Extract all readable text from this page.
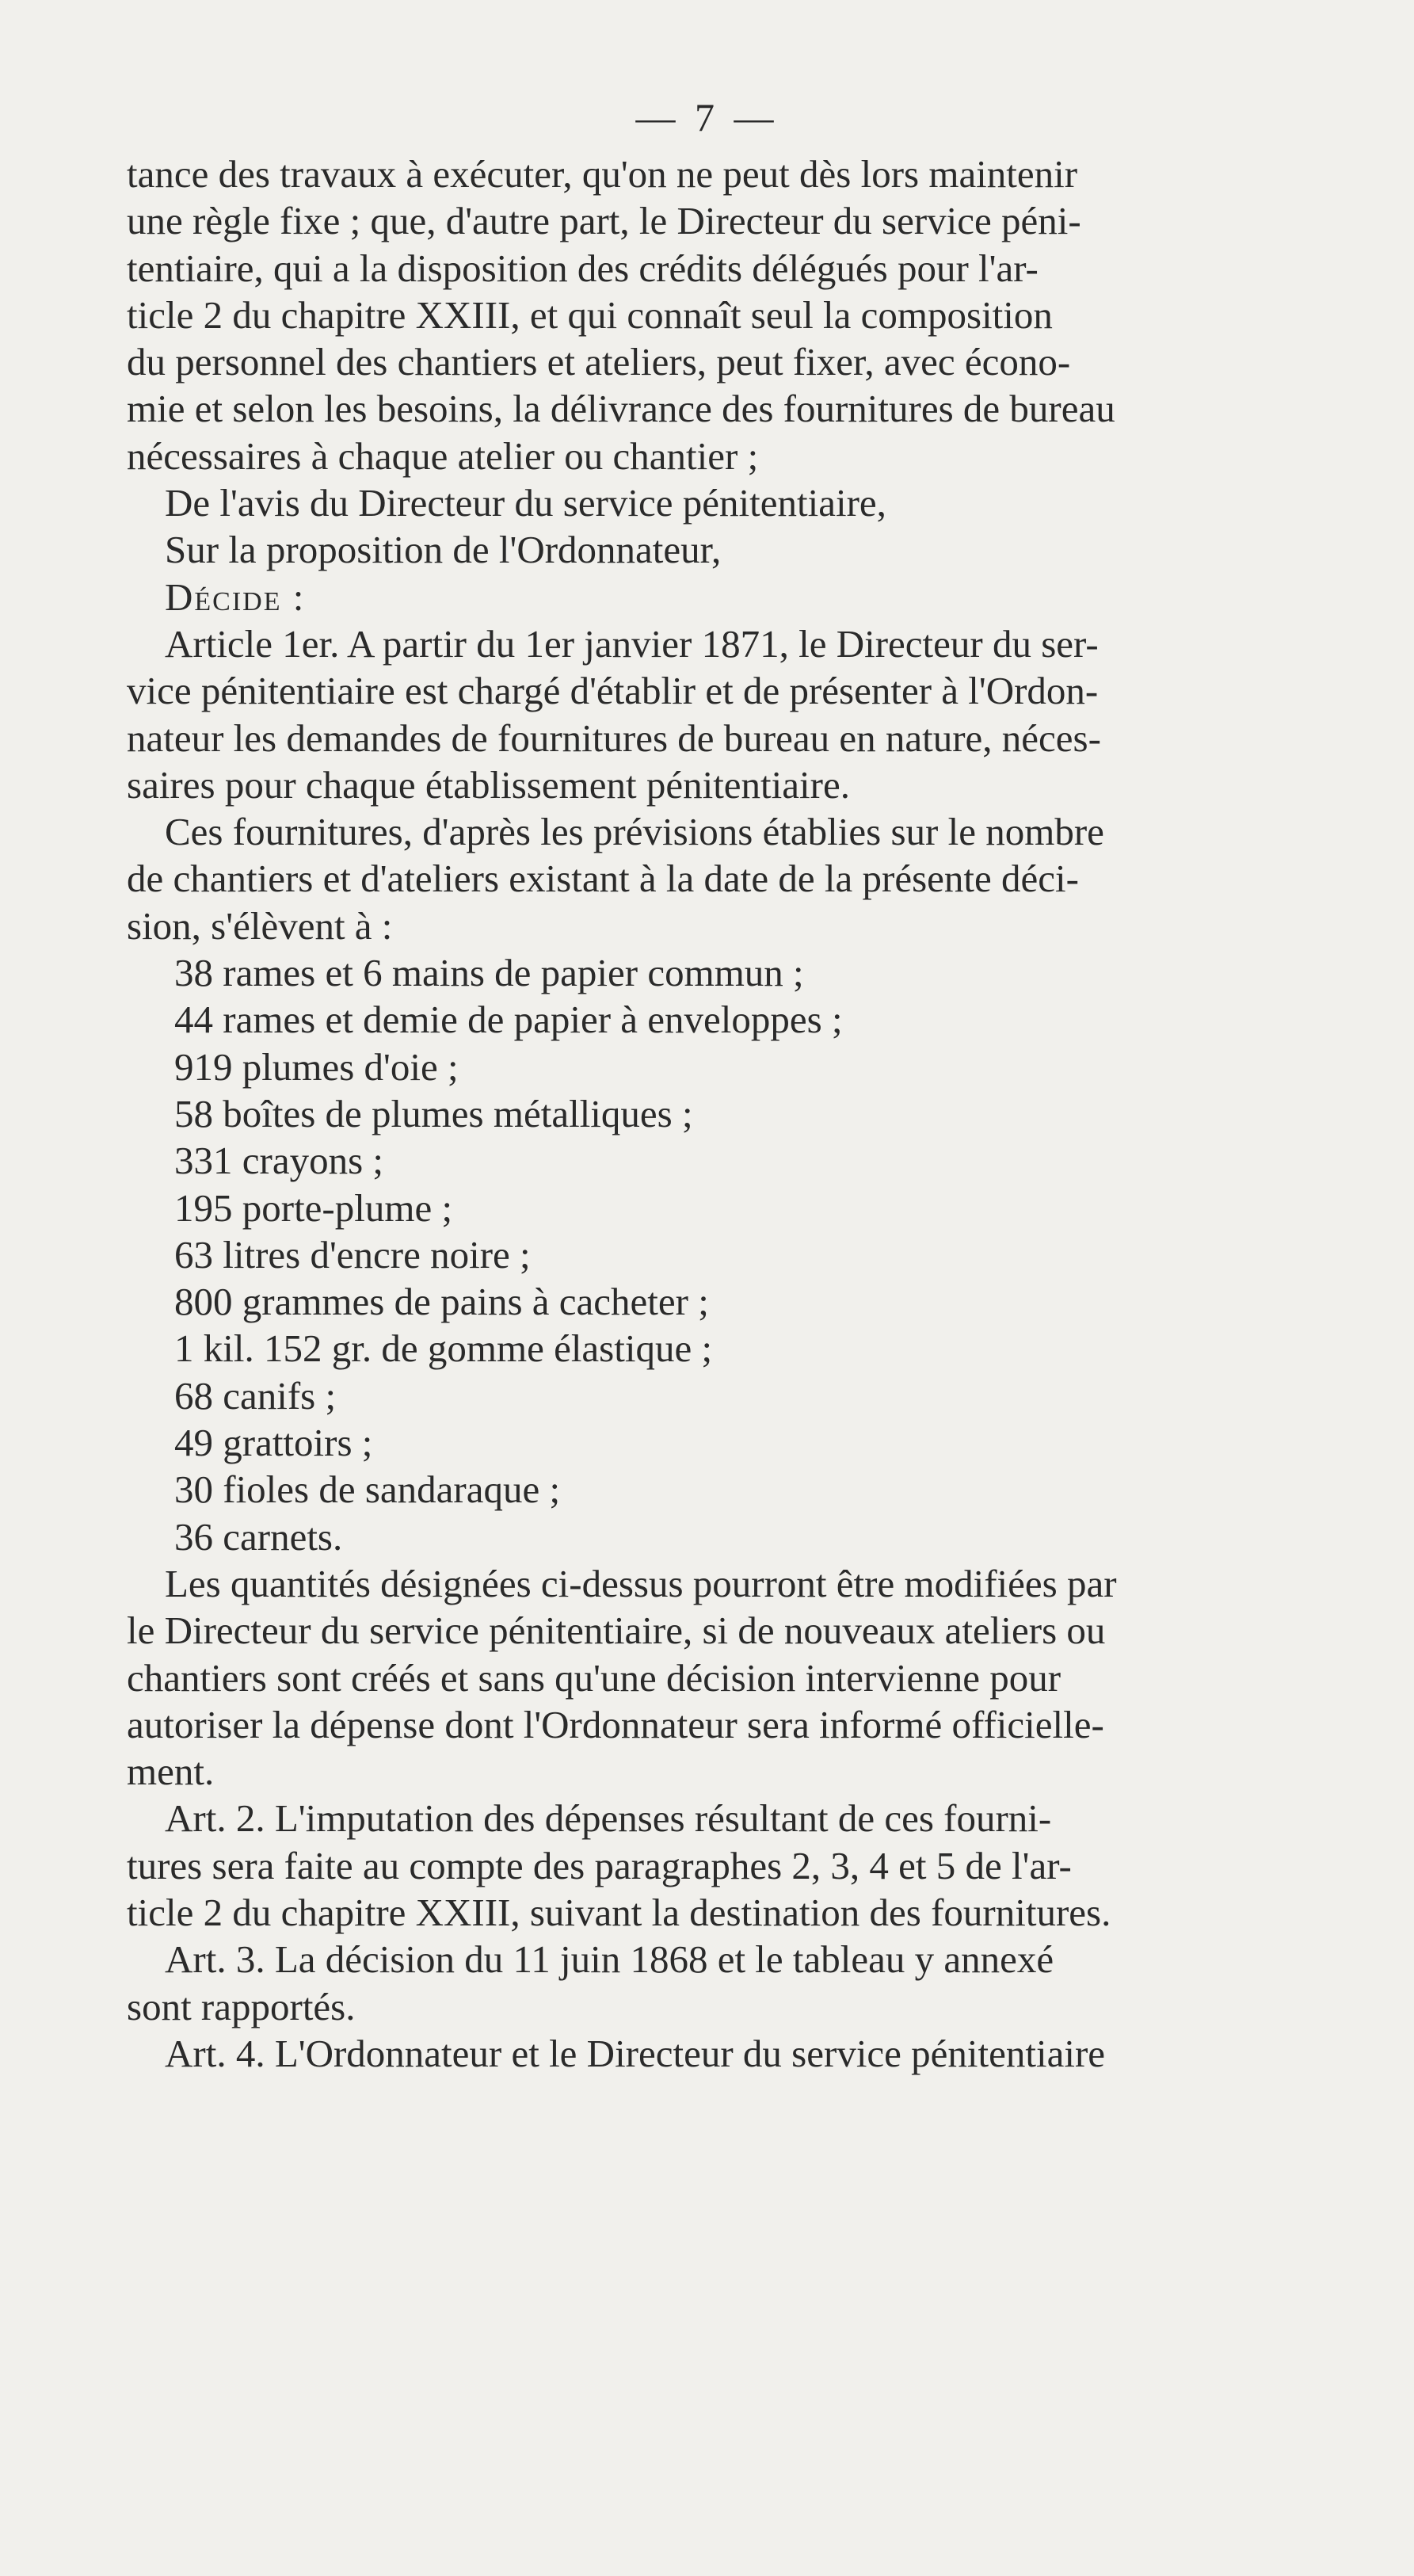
— 7 —
tance des travaux à exécuter, qu'on ne peut dès lors maintenir
une règle fixe ; que, d'autre part, le Directeur du service péni-
tentiaire, qui a la disposition des crédits délégués pour l'ar-
ticle 2 du chapitre XXIII, et qui connaît seul la composition
du personnel des chantiers et ateliers, peut fixer, avec écono-
mie et selon les besoins, la délivrance des fournitures de bureau
nécessaires à chaque atelier ou chantier ;
De l'avis du Directeur du service pénitentiaire,
Sur la proposition de l'Ordonnateur,
Décide :
Article 1er. A partir du 1er janvier 1871, le Directeur du ser-
vice pénitentiaire est chargé d'établir et de présenter à l'Ordon-
nateur les demandes de fournitures de bureau en nature, néces-
saires pour chaque établissement pénitentiaire.
Ces fournitures, d'après les prévisions établies sur le nombre
de chantiers et d'ateliers existant à la date de la présente déci-
sion, s'élèvent à :
38 rames et 6 mains de papier commun ;
44 rames et demie de papier à enveloppes ;
919 plumes d'oie ;
58 boîtes de plumes métalliques ;
331 crayons ;
195 porte-plume ;
63 litres d'encre noire ;
800 grammes de pains à cacheter ;
1 kil. 152 gr. de gomme élastique ;
68 canifs ;
49 grattoirs ;
30 fioles de sandaraque ;
36 carnets.
Les quantités désignées ci-dessus pourront être modifiées par
le Directeur du service pénitentiaire, si de nouveaux ateliers ou
chantiers sont créés et sans qu'une décision intervienne pour
autoriser la dépense dont l'Ordonnateur sera informé officielle-
ment.
Art. 2. L'imputation des dépenses résultant de ces fourni-
tures sera faite au compte des paragraphes 2, 3, 4 et 5 de l'ar-
ticle 2 du chapitre XXIII, suivant la destination des fournitures.
Art. 3. La décision du 11 juin 1868 et le tableau y annexé
sont rapportés.
Art. 4. L'Ordonnateur et le Directeur du service pénitentiaire
